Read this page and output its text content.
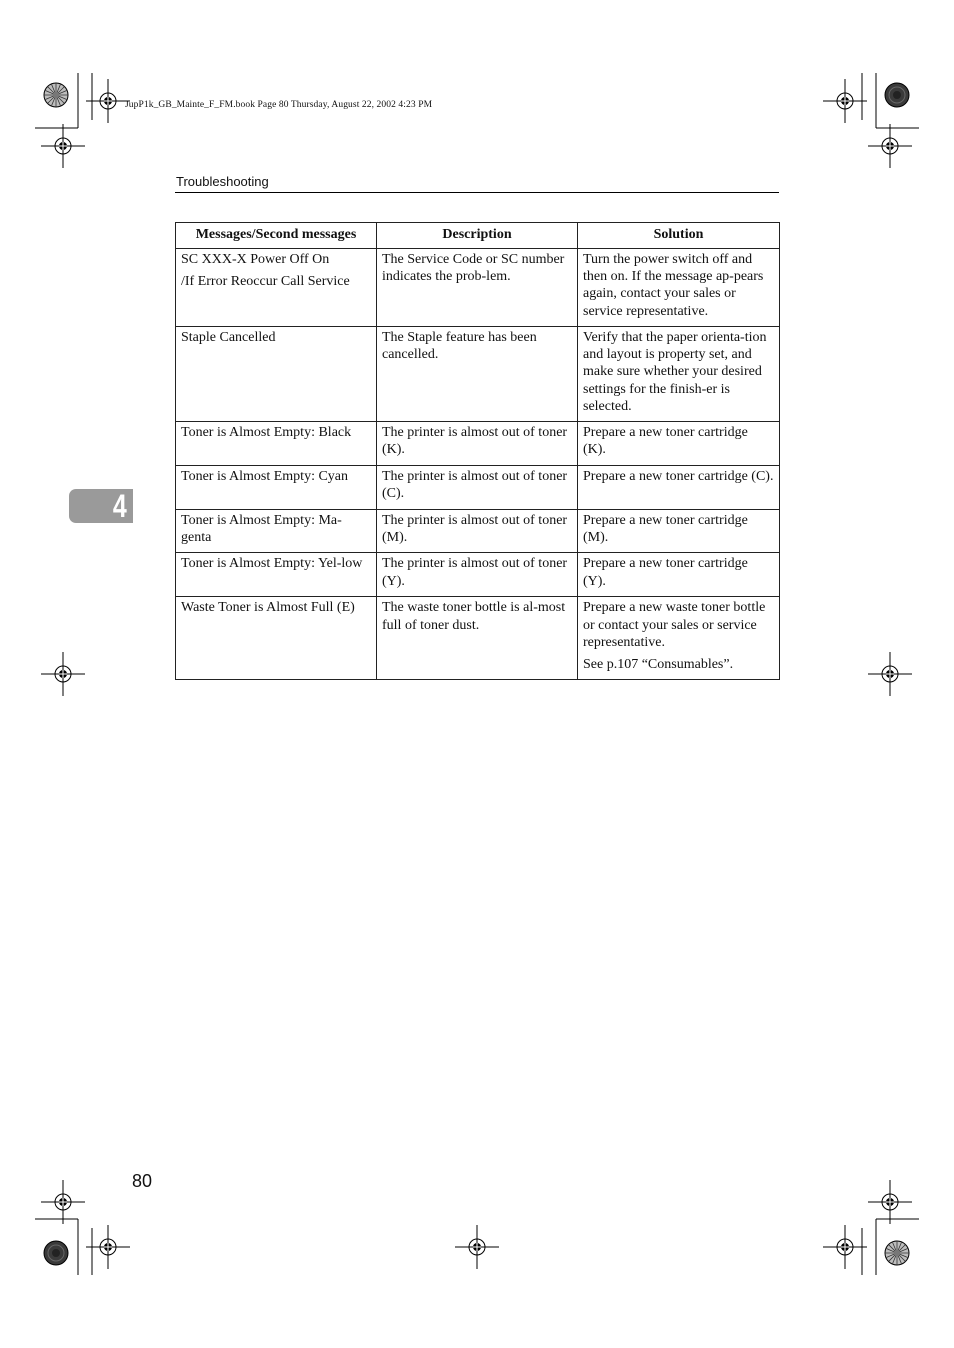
JupP1k_GB_Mainte_F_FM.book Page 80 Thursday, August 22, 2002 4:23 PM
Troubleshooting
4
Messages/Second messages	Description	Solution

SC XXX-X Power Off On

/If Error Reoccur Call Service	The Service Code or SC number indicates the prob-lem.	Turn the power switch off and then on. If the message ap-pears again, contact your sales or service representative.

Staple Cancelled	The Staple feature has been cancelled.	Verify that the paper orienta-tion and layout is property set, and make sure whether your desired settings for the finish-er is selected.

Toner is Almost Empty: Black	The printer is almost out of toner (K).	Prepare a new toner cartridge (K).

Toner is Almost Empty: Cyan	The printer is almost out of toner (C).	Prepare a new toner cartridge (C).

Toner is Almost Empty: Ma-genta	The printer is almost out of toner (M).	Prepare a new toner cartridge (M).

Toner is Almost Empty: Yel-low	The printer is almost out of toner (Y).	Prepare a new toner cartridge (Y).

Waste Toner is Almost Full (E)	The waste toner bottle is al-most full of toner dust.	Prepare a new waste toner bottle or contact your sales or service representative.

See p.107 “Consumables”.

80
